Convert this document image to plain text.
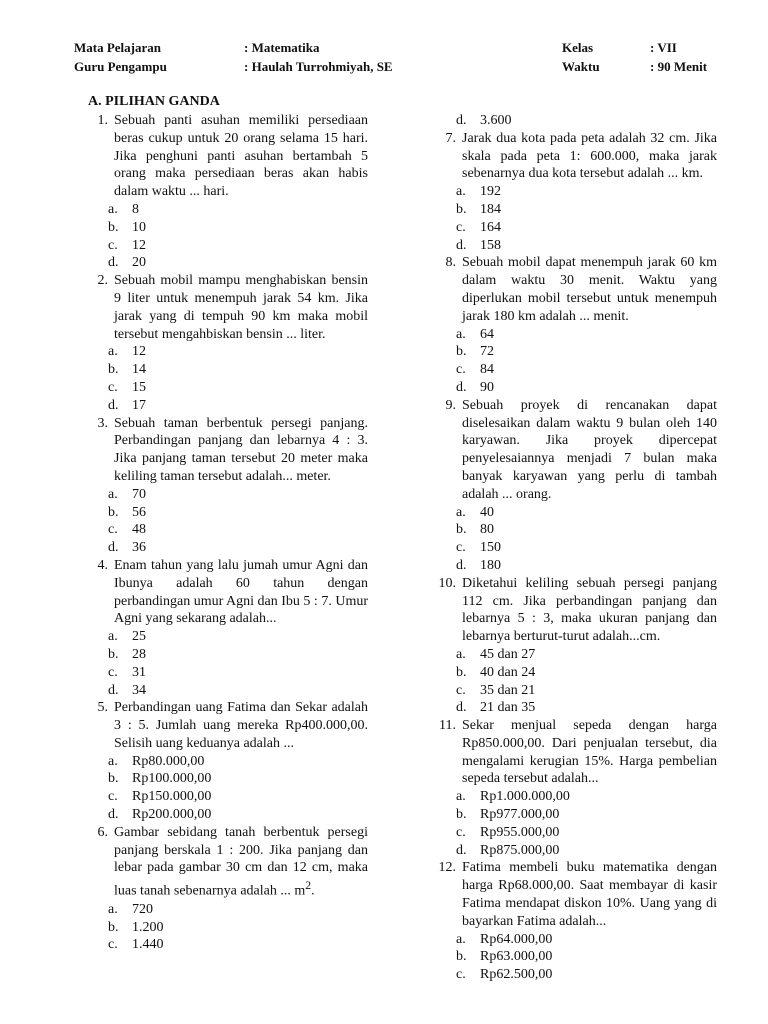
Mata Pelajaran	: Matematika
Guru Pengampu	: Haulah Turrohmiyah, SE
Kelas	: VII
Waktu	: 90 Menit
A. PILIHAN GANDA
1. Sebuah panti asuhan memiliki persediaan beras cukup untuk 20 orang selama 15 hari. Jika penghuni panti asuhan bertambah 5 orang maka persediaan beras akan habis dalam waktu ... hari.
a. 8
b. 10
c. 12
d. 20
2. Sebuah mobil mampu menghabiskan bensin 9 liter untuk menempuh jarak 54 km. Jika jarak yang di tempuh 90 km maka mobil tersebut mengahbiskan bensin ... liter.
a. 12
b. 14
c. 15
d. 17
3. Sebuah taman berbentuk persegi panjang. Perbandingan panjang dan lebarnya 4 : 3. Jika panjang taman tersebut 20 meter maka keliling taman tersebut adalah... meter.
a. 70
b. 56
c. 48
d. 36
4. Enam tahun yang lalu jumah umur Agni dan Ibunya adalah 60 tahun dengan perbandingan umur Agni dan Ibu 5 : 7. Umur Agni yang sekarang adalah...
a. 25
b. 28
c. 31
d. 34
5. Perbandingan uang Fatima dan Sekar adalah 3 : 5. Jumlah uang mereka Rp400.000,00. Selisih uang keduanya adalah ...
a. Rp80.000,00
b. Rp100.000,00
c. Rp150.000,00
d. Rp200.000,00
6. Gambar sebidang tanah berbentuk persegi panjang berskala 1 : 200. Jika panjang dan lebar pada gambar 30 cm dan 12 cm, maka luas tanah sebenarnya adalah ... $m^2$.
a. 720
b. 1.200
c. 1.440
d. 3.600
7. Jarak dua kota pada peta adalah 32 cm. Jika skala pada peta 1: 600.000, maka jarak sebenarnya dua kota tersebut adalah ... km.
a. 192
b. 184
c. 164
d. 158
8. Sebuah mobil dapat menempuh jarak 60 km dalam waktu 30 menit. Waktu yang diperlukan mobil tersebut untuk menempuh jarak 180 km adalah ... menit.
a. 64
b. 72
c. 84
d. 90
9. Sebuah proyek di rencanakan dapat diselesaikan dalam waktu 9 bulan oleh 140 karyawan. Jika proyek dipercepat penyelesaiannya menjadi 7 bulan maka banyak karyawan yang perlu di tambah adalah ... orang.
a. 40
b. 80
c. 150
d. 180
10. Diketahui keliling sebuah persegi panjang 112 cm. Jika perbandingan panjang dan lebarnya 5 : 3, maka ukuran panjang dan lebarnya berturut-turut adalah...cm.
a. 45 dan 27
b. 40 dan 24
c. 35 dan 21
d. 21 dan 35
11. Sekar menjual sepeda dengan harga Rp850.000,00. Dari penjualan tersebut, dia mengalami kerugian 15%. Harga pembelian sepeda tersebut adalah...
a. Rp1.000.000,00
b. Rp977.000,00
c. Rp955.000,00
d. Rp875.000,00
12. Fatima membeli buku matematika dengan harga Rp68.000,00. Saat membayar di kasir Fatima mendapat diskon 10%. Uang yang di bayarkan Fatima adalah...
a. Rp64.000,00
b. Rp63.000,00
c. Rp62.500,00
